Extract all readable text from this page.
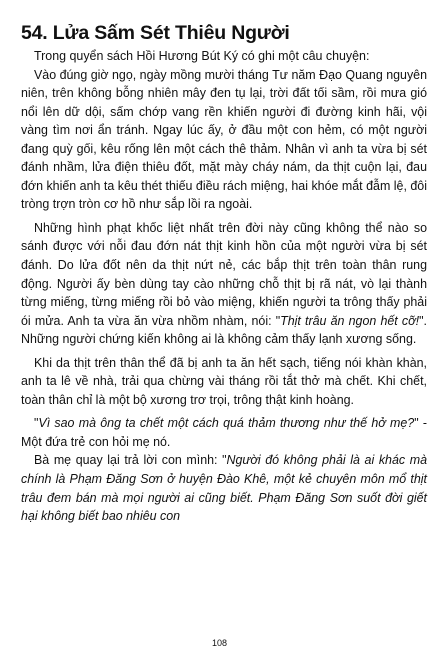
54. Lửa Sấm Sét Thiêu Người

Trong quyển sách Hồi Hương Bút Ký có ghi một câu chuyện:

Vào đúng giờ ngọ, ngày mồng mười tháng Tư năm Đạo Quang nguyên niên, trên không bỗng nhiên mây đen tụ lại, trời đất tối sầm, rồi mưa gió nổi lên dữ dội, sấm chớp vang rền khiến người đi đường kinh hãi, vội vàng tìm nơi ẩn tránh. Ngay lúc ấy, ở đầu một con hẻm, có một người đang quỳ gối, kêu rống lên một cách thê thảm. Nhân vì anh ta vừa bị sét đánh nhầm, lửa điện thiêu đốt, mặt mày cháy nám, da thịt cuộn lại, đau đớn khiến anh ta kêu thét thiếu điều rách miệng, hai khóe mắt đẫm lệ, đôi tròng trợn tròn cơ hồ như sắp lồi ra ngoài.

Những hình phạt khốc liệt nhất trên đời này cũng không thể nào so sánh được với nỗi đau đớn nát thịt kinh hồn của một người vừa bị sét đánh. Do lửa đốt nên da thịt nứt nẻ, các bắp thịt trên toàn thân rung động. Người ấy bèn dùng tay cào những chỗ thịt bị rã nát, vò lại thành từng miếng, từng miếng rồi bỏ vào miệng, khiến người ta trông thấy phải ói mửa. Anh ta vừa ăn vừa nhồm nhàm, nói: "Thịt trâu ăn ngon hết cỡ!". Những người chứng kiến không ai là không cảm thấy lạnh xương sống.

Khi da thịt trên thân thể đã bị anh ta ăn hết sạch, tiếng nói khàn khàn, anh ta lê về nhà, trải qua chừng vài tháng rồi tắt thở mà chết. Khi chết, toàn thân chỉ là một bộ xương trơ trọi, trông thật kinh hoàng.

"Vì sao mà ông ta chết một cách quá thảm thương như thế hở mẹ?" - Một đứa trẻ con hỏi mẹ nó.

Bà mẹ quay lại trả lời con mình: "Người đó không phải là ai khác mà chính là Phạm Đăng Sơn ở huyện Đào Khê, một kẻ chuyên môn mổ thịt trâu đem bán mà mọi người ai cũng biết. Phạm Đăng Sơn suốt đời giết hại không biết bao nhiêu con

108
